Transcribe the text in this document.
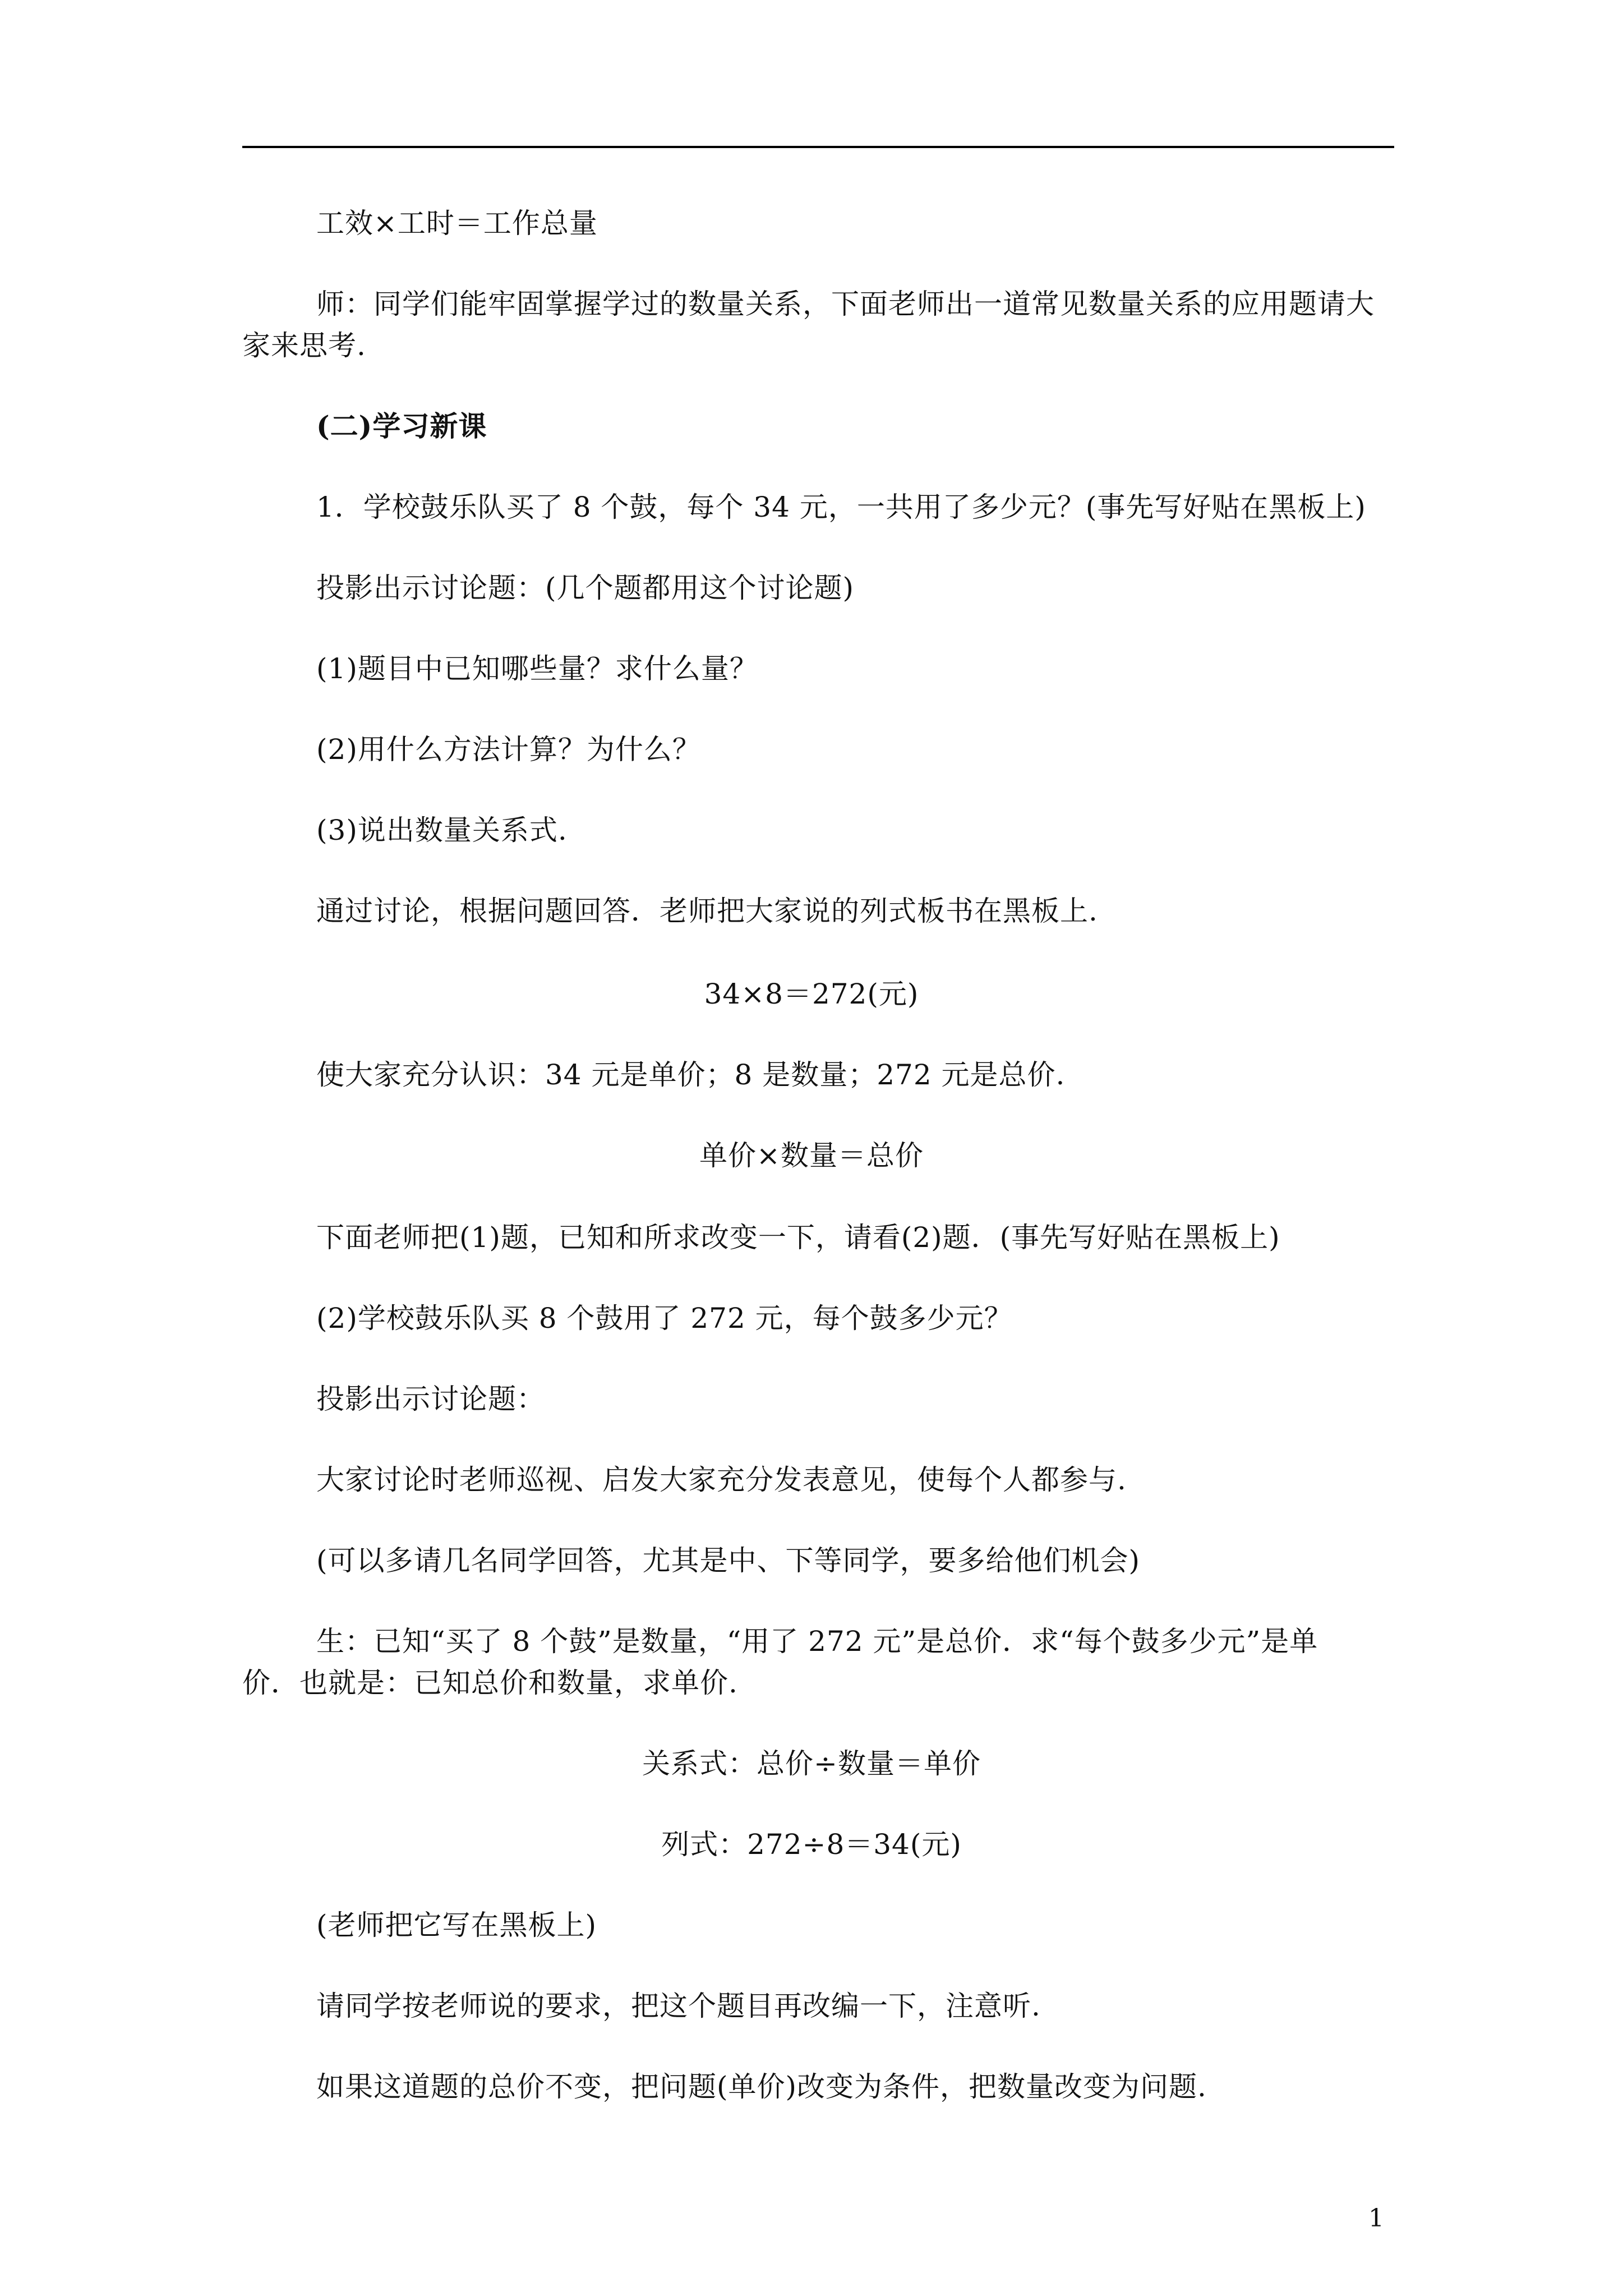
工效×工时＝工作总量
师：同学们能牢固掌握学过的数量关系，下面老师出一道常见数量关系的应用题请大
家来思考.
(二)学习新课
1．学校鼓乐队买了 8 个鼓，每个 34 元，一共用了多少元？(事先写好贴在黑板上)
投影出示讨论题：(几个题都用这个讨论题)
(1)题目中已知哪些量？求什么量？
(2)用什么方法计算？为什么？
(3)说出数量关系式.
通过讨论，根据问题回答．老师把大家说的列式板书在黑板上.
34×8＝272(元)
使大家充分认识：34 元是单价；8 是数量；272 元是总价.
单价×数量＝总价
下面老师把(1)题，已知和所求改变一下，请看(2)题．(事先写好贴在黑板上)
(2)学校鼓乐队买 8 个鼓用了 272 元，每个鼓多少元？
投影出示讨论题：
大家讨论时老师巡视、启发大家充分发表意见，使每个人都参与.
(可以多请几名同学回答，尤其是中、下等同学，要多给他们机会)
生：已知“买了 8 个鼓”是数量，“用了 272 元”是总价．求“每个鼓多少元”是单
价．也就是：已知总价和数量，求单价.
关系式：总价÷数量＝单价
列式：272÷8＝34(元)
(老师把它写在黑板上)
请同学按老师说的要求，把这个题目再改编一下，注意听.
如果这道题的总价不变，把问题(单价)改变为条件，把数量改变为问题.
1
